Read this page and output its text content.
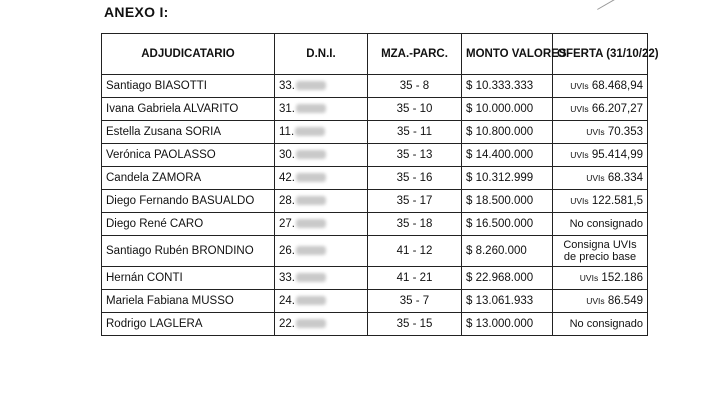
ANEXO I:
ADJUDICATARIO	D.N.I.	MZA.-PARC.	MONTO VALORES	OFERTA (31/10/22)
Santiago BIASOTTI	33.	35 - 8	$ 10.333.333	UVIs 68.468,94
Ivana Gabriela ALVARITO	31.	35 - 10	$ 10.000.000	UVIs 66.207,27
Estella Zusana SORIA	11.	35 - 11	$ 10.800.000	UVIs 70.353
Verónica PAOLASSO	30.	35 - 13	$ 14.400.000	UVIs 95.414,99
Candela ZAMORA	42.	35 - 16	$ 10.312.999	UVIs 68.334
Diego Fernando BASUALDO	28.	35 - 17	$ 18.500.000	UVIs 122.581,5
Diego René CARO	27.	35 - 18	$ 16.500.000	No consignado
Santiago Rubén BRONDINO	26.	41 - 12	$ 8.260.000	Consigna UVIs de precio base
Hernán CONTI	33.	41 - 21	$ 22.968.000	UVIs 152.186
Mariela Fabiana MUSSO	24.	35 - 7	$ 13.061.933	UVIs 86.549
Rodrigo LAGLERA	22.	35 - 15	$ 13.000.000	No consignado
